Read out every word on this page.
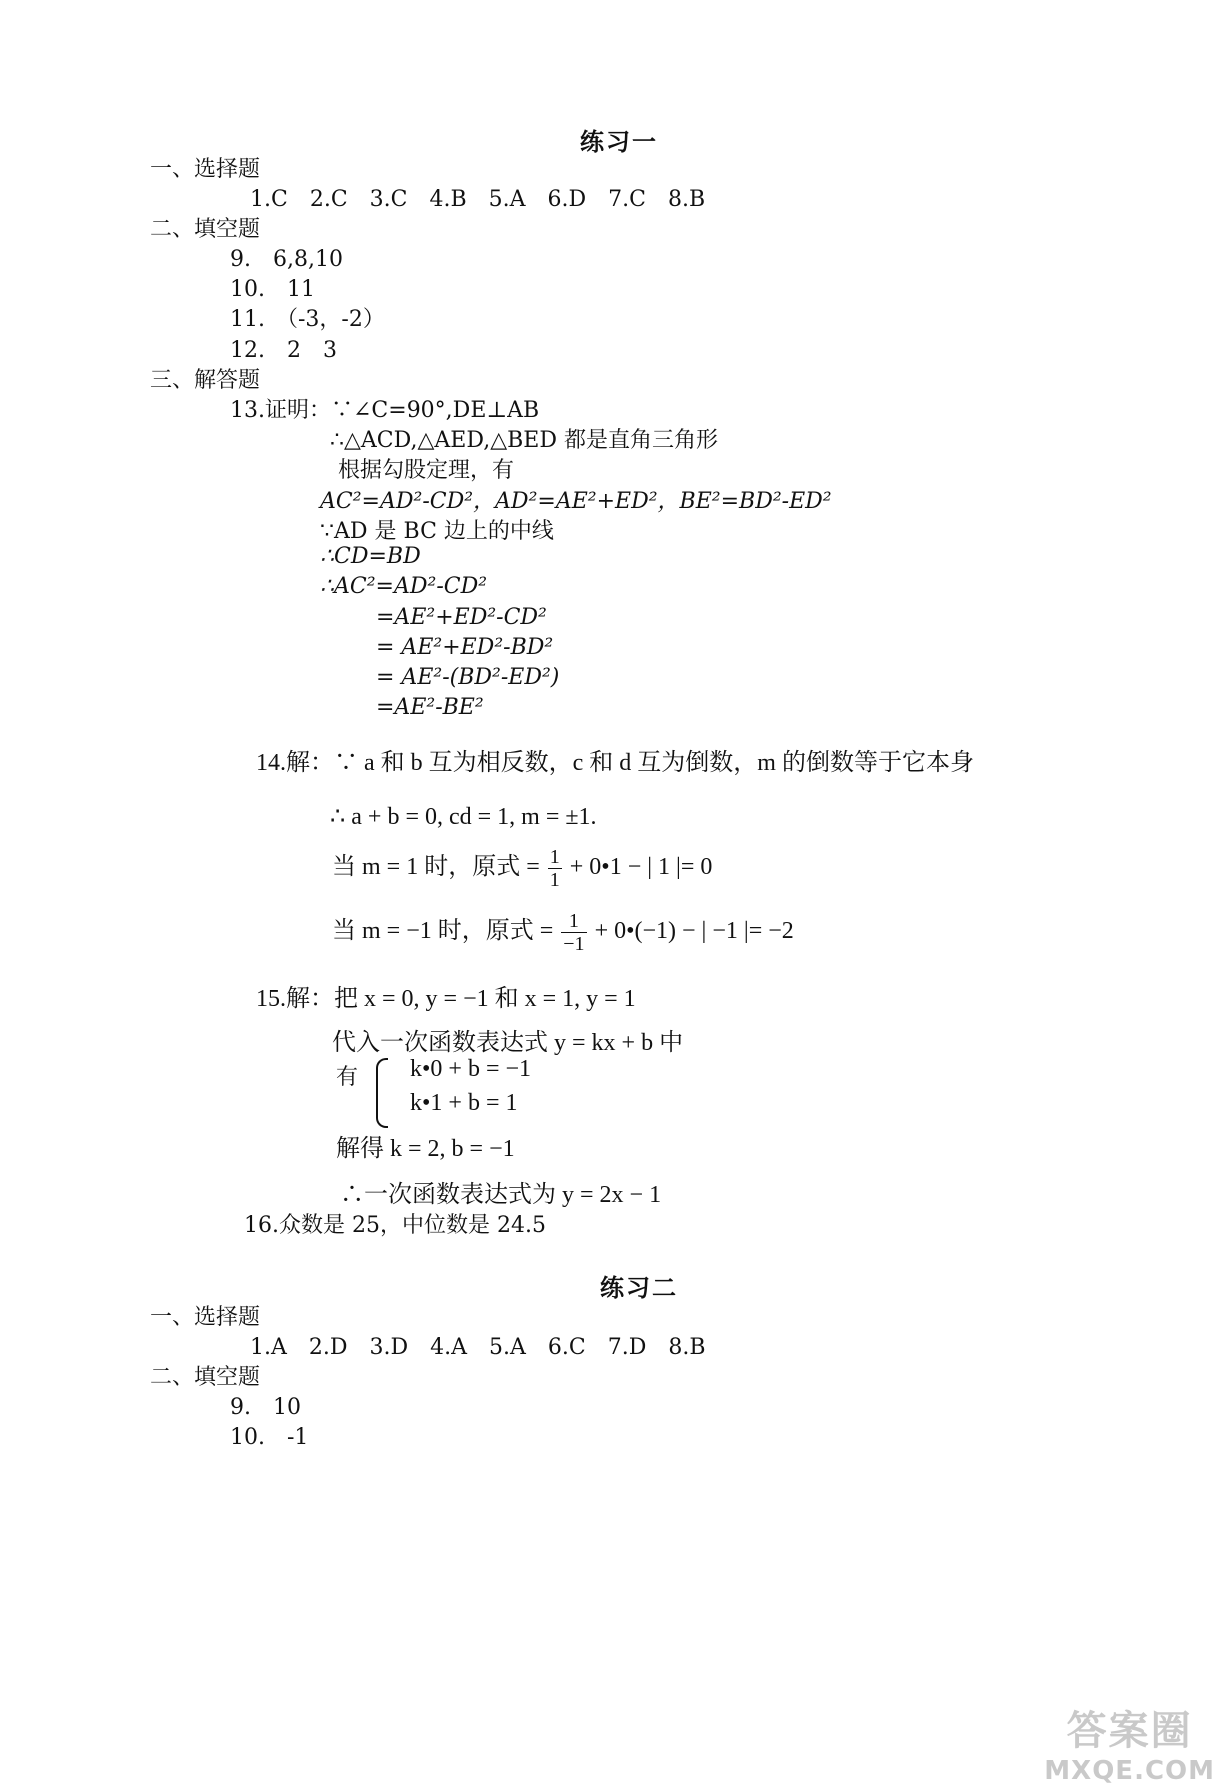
练习一
一、选择题
1.C　2.C　3.C　4.B　5.A　6.D　7.C　8.B
二、填空题
9.　6,8,10
10.　11
11.　（-3，-2）
12.　2　3
三、解答题
13.证明：∵∠C=90°,DE⊥AB
∴△ACD,△AED,△BED 都是直角三角形
根据勾股定理，有
AC²=AD²-CD²，AD²=AE²+ED²，BE²=BD²-ED²
∵AD 是 BC 边上的中线
∴CD=BD
∴AC²=AD²-CD²
=AE²+ED²-CD²
= AE²+ED²-BD²
= AE²-(BD²-ED²)
=AE²-BE²
14.解：∵ a 和 b 互为相反数，c 和 d 互为倒数，m 的倒数等于它本身
∴ a + b = 0, cd = 1, m = ±1.
当 m = 1 时，原式 = $\frac{1}{1}$ + 0•1 − | 1 |= 0
当 m = −1 时，原式 = $\frac{1}{-1}$ + 0•(−1) − | −1 |= −2
15.解：把 x = 0, y = −1 和 x = 1, y = 1
代入一次函数表达式 y = kx + b 中
有 k•0 + b = −1
k•1 + b = 1
解得 k = 2, b = −1
∴一次函数表达式为 y = 2x − 1
16.众数是 25，中位数是 24.5
练习二
一、选择题
1.A　2.D　3.D　4.A　5.A　6.C　7.D　8.B
二、填空题
9.　10
10.　-1
答案圈
MXQE.COM
